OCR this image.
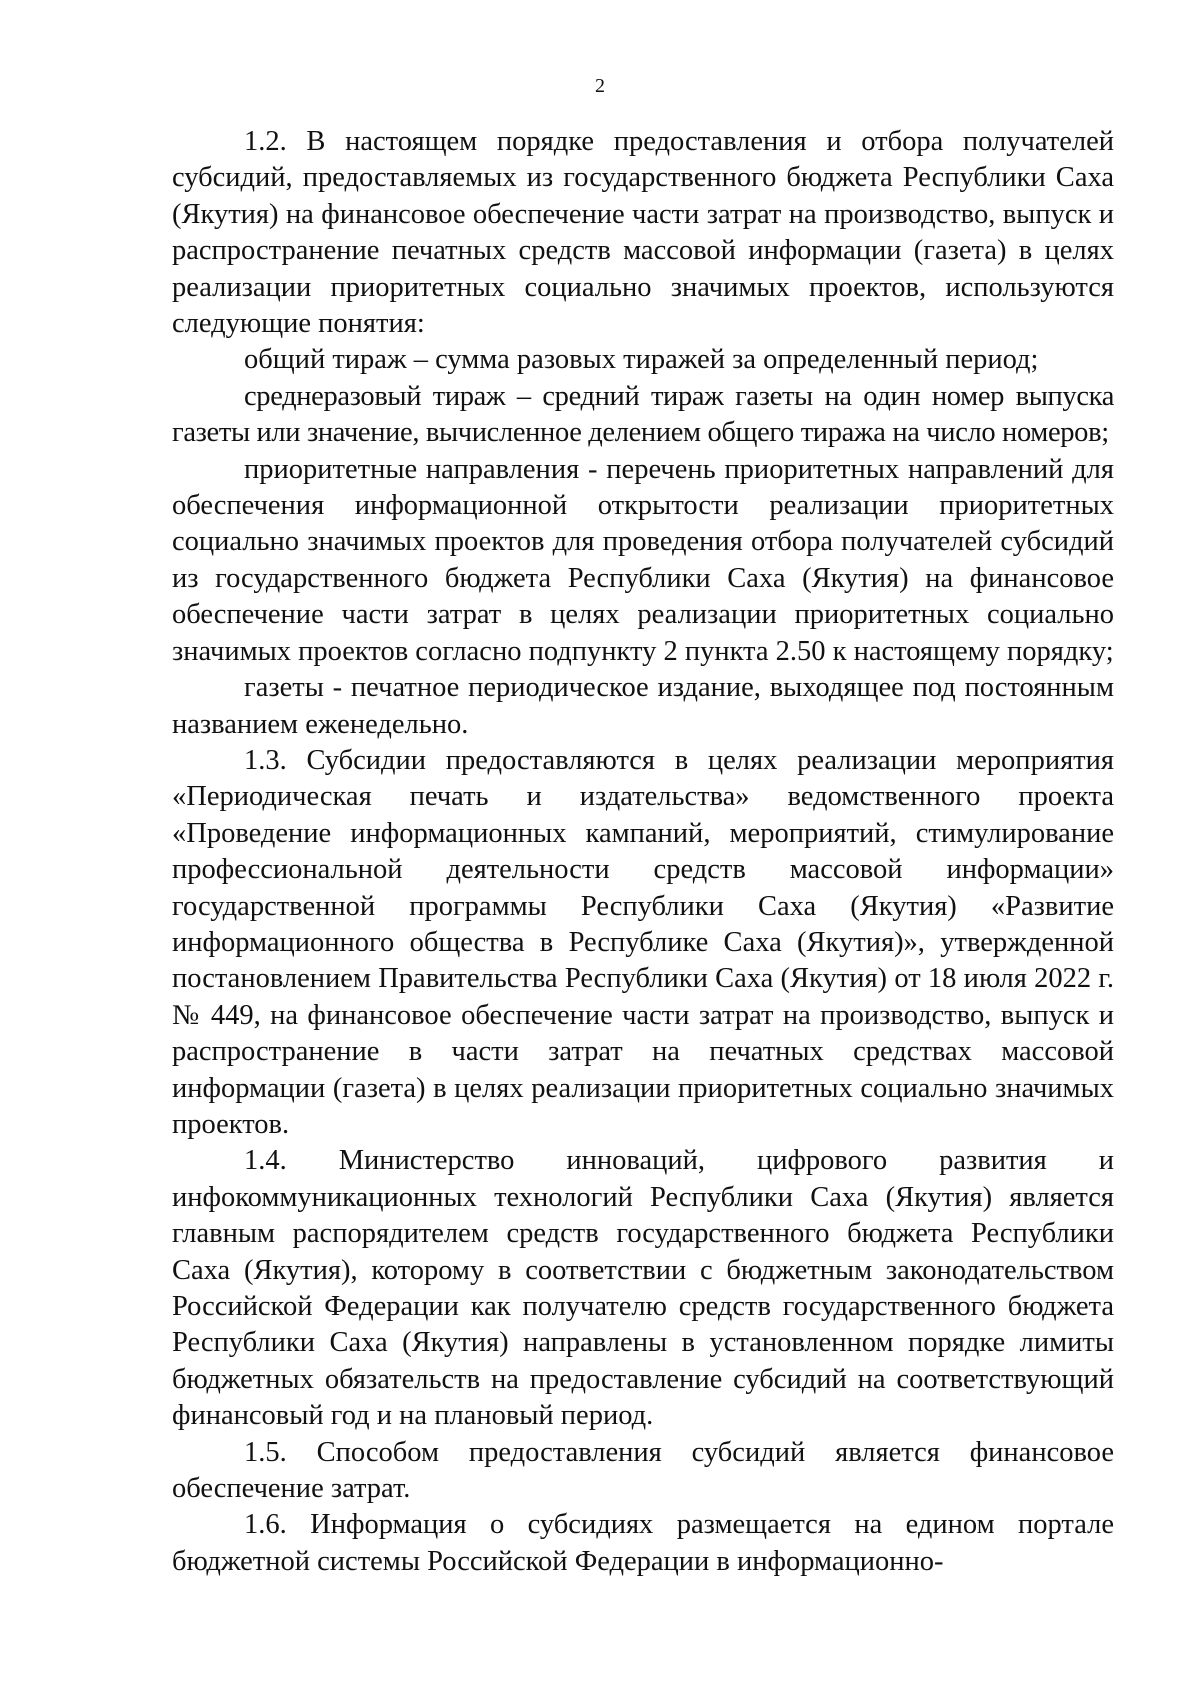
2

1.2. В настоящем порядке предоставления и отбора получателей субсидий, предоставляемых из государственного бюджета Республики Саха (Якутия) на финансовое обеспечение части затрат на производство, выпуск и распространение печатных средств массовой информации (газета) в целях реализации приоритетных социально значимых проектов, используются следующие понятия:

общий тираж – сумма разовых тиражей за определенный период;

среднеразовый тираж – средний тираж газеты на один номер выпуска газеты или значение, вычисленное делением общего тиража на число номеров;

приоритетные направления - перечень приоритетных направлений для обеспечения информационной открытости реализации приоритетных социально значимых проектов для проведения отбора получателей субсидий из государственного бюджета Республики Саха (Якутия) на финансовое обеспечение части затрат в целях реализации приоритетных социально значимых проектов согласно подпункту 2 пункта 2.50 к настоящему порядку;

газеты - печатное периодическое издание, выходящее под постоянным названием еженедельно.

1.3. Субсидии предоставляются в целях реализации мероприятия «Периодическая печать и издательства» ведомственного проекта «Проведение информационных кампаний, мероприятий, стимулирование профессиональной деятельности средств массовой информации» государственной программы Республики Саха (Якутия) «Развитие информационного общества в Республике Саха (Якутия)», утвержденной постановлением Правительства Республики Саха (Якутия) от 18 июля 2022 г. № 449, на финансовое обеспечение части затрат на производство, выпуск и распространение в части затрат на печатных средствах массовой информации (газета) в целях реализации приоритетных социально значимых проектов.

1.4. Министерство инноваций, цифрового развития и инфокоммуникационных технологий Республики Саха (Якутия) является главным распорядителем средств государственного бюджета Республики Саха (Якутия), которому в соответствии с бюджетным законодательством Российской Федерации как получателю средств государственного бюджета Республики Саха (Якутия) направлены в установленном порядке лимиты бюджетных обязательств на предоставление субсидий на соответствующий финансовый год и на плановый период.

1.5. Способом предоставления субсидий является финансовое обеспечение затрат.

1.6. Информация о субсидиях размещается на едином портале бюджетной системы Российской Федерации в информационно-
